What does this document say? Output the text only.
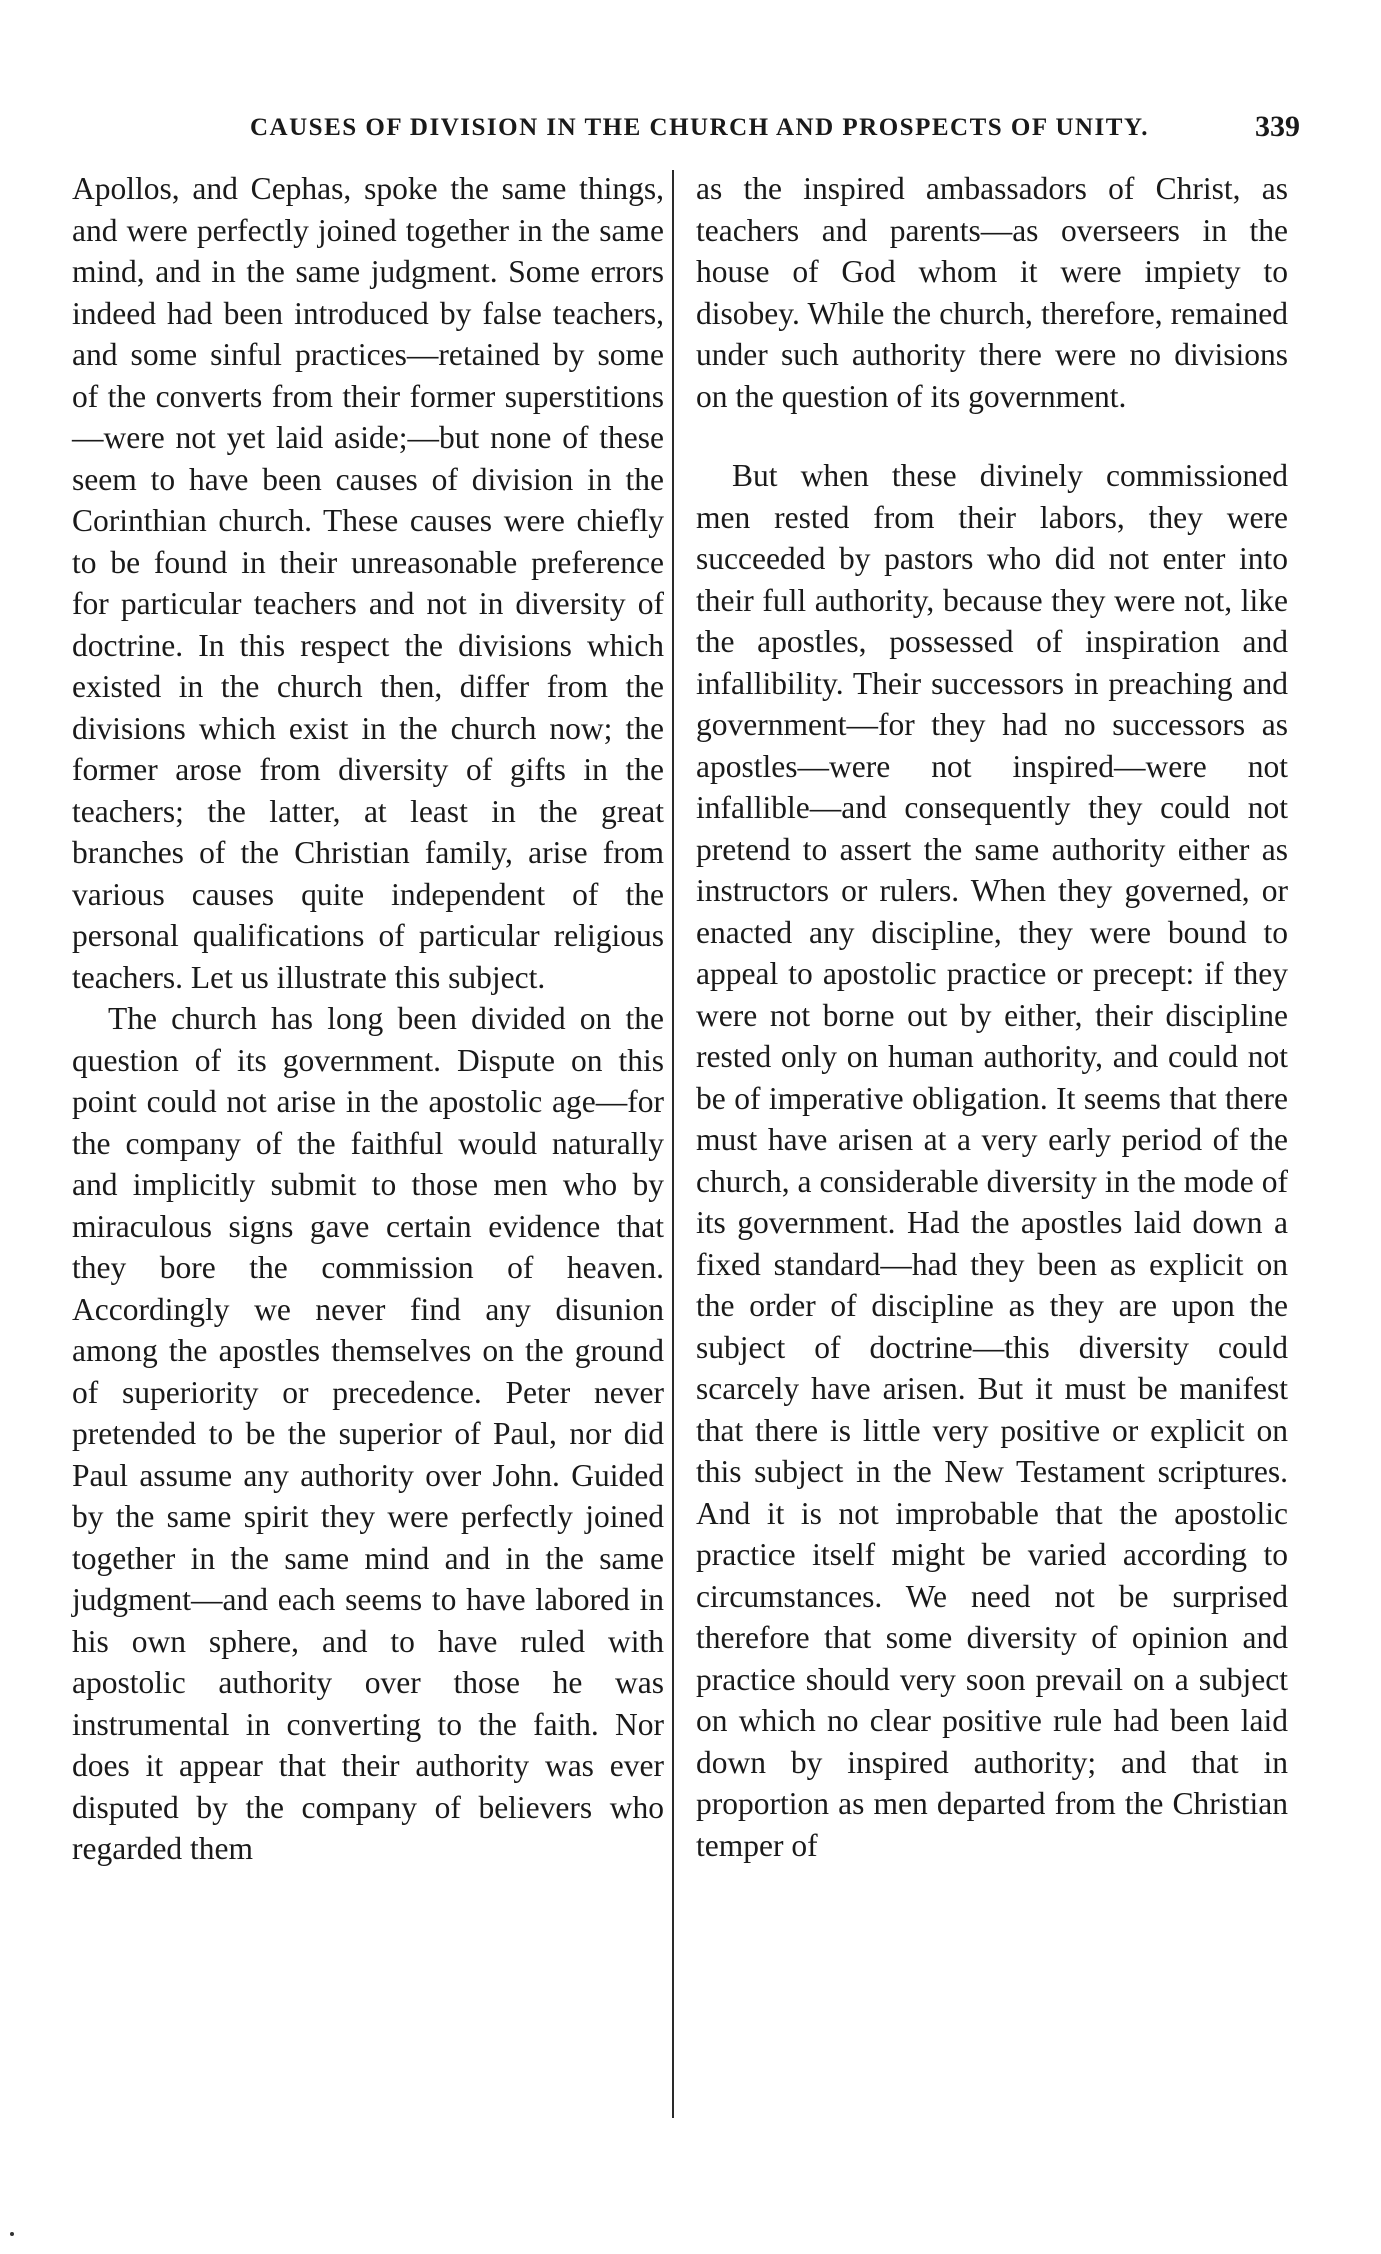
CAUSES OF DIVISION IN THE CHURCH AND PROSPECTS OF UNITY.	339

Apollos, and Cephas, spoke the same things, and were perfectly joined together in the same mind, and in the same judgment. Some errors indeed had been introduced by false teachers, and some sinful practices—retained by some of the converts from their former superstitions—were not yet laid aside;—but none of these seem to have been causes of division in the Corinthian church. These causes were chiefly to be found in their unreasonable preference for particular teachers and not in diversity of doctrine. In this respect the divisions which existed in the church then, differ from the divisions which exist in the church now; the former arose from diversity of gifts in the teachers; the latter, at least in the great branches of the Christian family, arise from various causes quite independent of the personal qualifications of particular religious teachers. Let us illustrate this subject.

The church has long been divided on the question of its government. Dispute on this point could not arise in the apostolic age—for the company of the faithful would naturally and implicitly submit to those men who by miraculous signs gave certain evidence that they bore the commission of heaven. Accordingly we never find any disunion among the apostles themselves on the ground of superiority or precedence. Peter never pretended to be the superior of Paul, nor did Paul assume any authority over John. Guided by the same spirit they were perfectly joined together in the same mind and in the same judgment—and each seems to have labored in his own sphere, and to have ruled with apostolic authority over those he was instrumental in converting to the faith. Nor does it appear that their authority was ever disputed by the company of believers who regarded them

as the inspired ambassadors of Christ, as teachers and parents—as overseers in the house of God whom it were impiety to disobey. While the church, therefore, remained under such authority there were no divisions on the question of its government.

But when these divinely commissioned men rested from their labors, they were succeeded by pastors who did not enter into their full authority, because they were not, like the apostles, possessed of inspiration and infallibility. Their successors in preaching and government—for they had no successors as apostles—were not inspired—were not infallible—and consequently they could not pretend to assert the same authority either as instructors or rulers. When they governed, or enacted any discipline, they were bound to appeal to apostolic practice or precept: if they were not borne out by either, their discipline rested only on human authority, and could not be of imperative obligation. It seems that there must have arisen at a very early period of the church, a considerable diversity in the mode of its government. Had the apostles laid down a fixed standard—had they been as explicit on the order of discipline as they are upon the subject of doctrine—this diversity could scarcely have arisen. But it must be manifest that there is little very positive or explicit on this subject in the New Testament scriptures. And it is not improbable that the apostolic practice itself might be varied according to circumstances. We need not be surprised therefore that some diversity of opinion and practice should very soon prevail on a subject on which no clear positive rule had been laid down by inspired authority; and that in proportion as men departed from the Christian temper of
